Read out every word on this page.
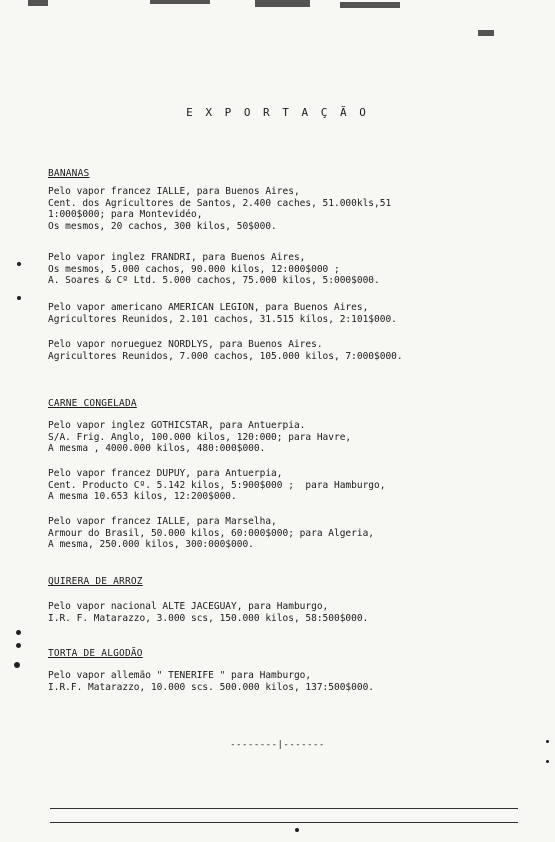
E X P O R T A Ç Ã O
BANANAS
Pelo vapor francez IALLE, para Buenos Aires,
Cent. dos Agricultores de Santos, 2.400 caches, 51.000kls,51
1:000$000; para Montevidéo,
Os mesmos, 20 cachos, 300 kilos, 50$000.
Pelo vapor inglez FRANDRI, para Buenos Aires,
Os mesmos, 5.000 cachos, 90.000 kilos, 12:000$000 ;
A. Soares & Cº Ltd. 5.000 cachos, 75.000 kilos, 5:000$000.
Pelo vapor americano AMERICAN LEGION, para Buenos Aires,
Agricultores Reunidos, 2.101 cachos, 31.515 kilos, 2:101$000.
Pelo vapor norueguez NORDLYS, para Buenos Aires.
Agricultores Reunidos, 7.000 cachos, 105.000 kilos, 7:000$000.
CARNE CONGELADA
Pelo vapor inglez GOTHICSTAR, para Antuerpia.
S/A. Frig. Anglo, 100.000 kilos, 120:000; para Havre,
A mesma , 4000.000 kilos, 480:000$000.
Pelo vapor francez DUPUY, para Antuerpia,
Cent. Producto Cº. 5.142 kilos, 5:900$000 ;  para Hamburgo,
A mesma 10.653 kilos, 12:200$000.
Pelo vapor francez IALLE, para Marselha,
Armour do Brasil, 50.000 kilos, 60:000$000; para Algeria,
A mesma, 250.000 kilos, 300:000$000.
QUIRERA DE ARROZ
Pelo vapor nacional ALTE JACEGUAY, para Hamburgo,
I.R. F. Matarazzo, 3.000 scs, 150.000 kilos, 58:500$000.
TORTA DE ALGODÃO
Pelo vapor allemão " TENERIFE " para Hamburgo,
I.R.F. Matarazzo, 10.000 scs. 500.000 kilos, 137:500$000.
--------|-------
